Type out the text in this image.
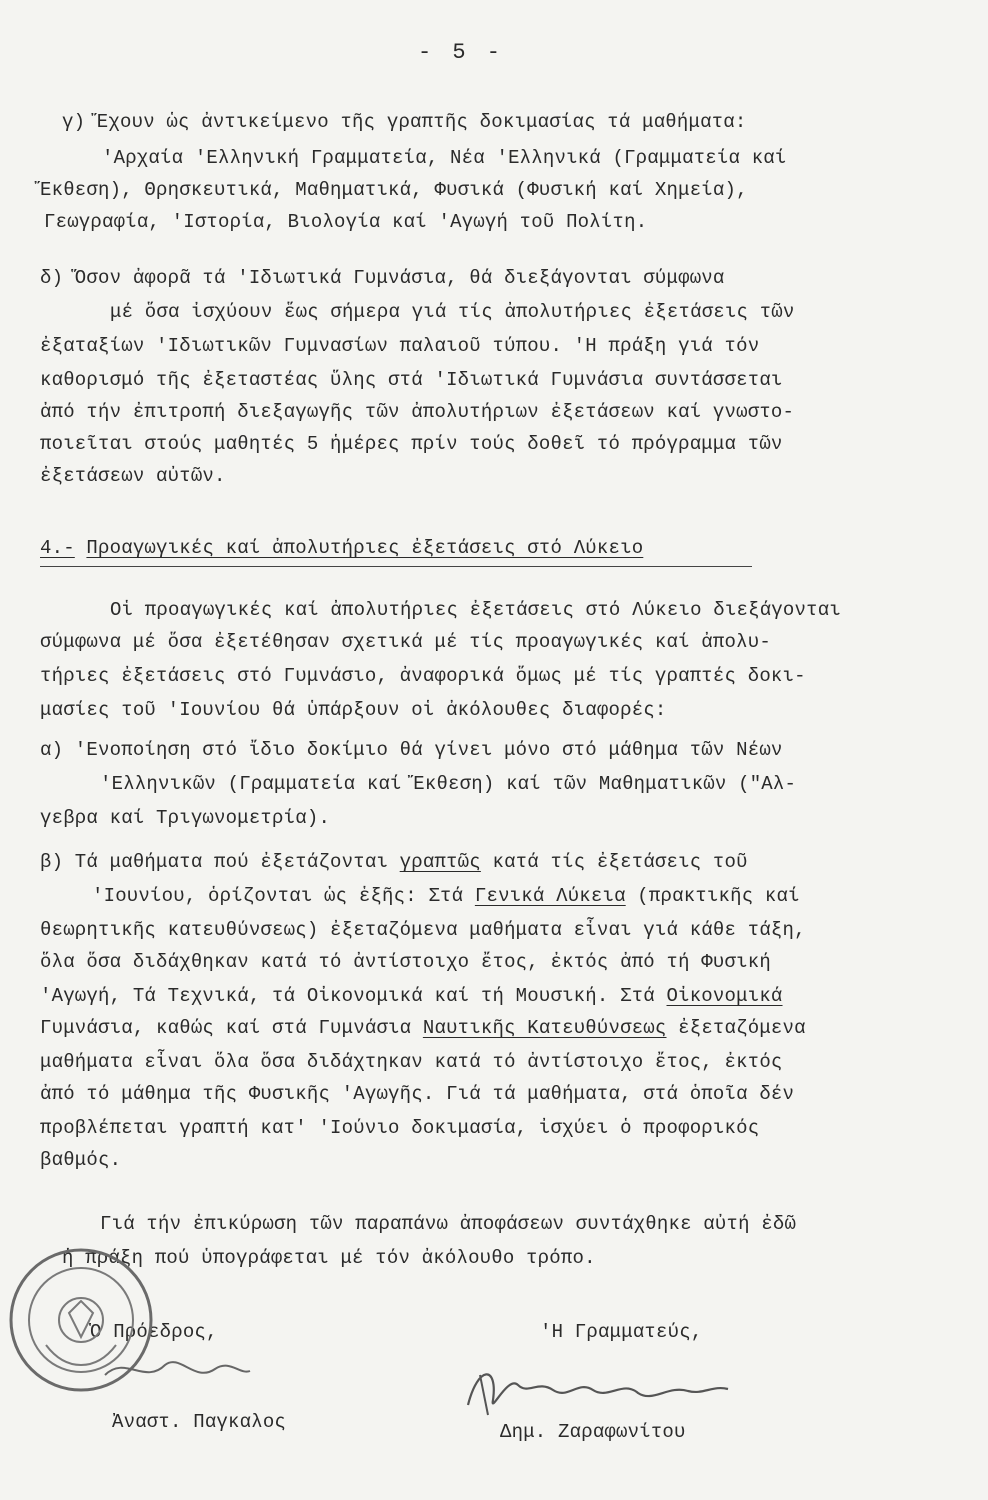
- 5 -
γ) Ἔχουν ὡς ἀντικείμενο τῆς γραπτῆς δοκιμασίας τά μαθήματα:
'Αρχαία 'Ελληνική Γραμματεία, Νέα 'Ελληνικά (Γραμματεία καί
Ἔκθεση), Θρησκευτικά, Μαθηματικά, Φυσικά (Φυσική καί Χημεία),
Γεωγραφία, 'Ιστορία, Βιολογία καί 'Αγωγή τοῦ Πολίτη.
δ) Ὅσον ἀφορᾶ τά 'Ιδιωτικά Γυμνάσια, θά διεξάγονται σύμφωνα
μέ ὅσα ἰσχύουν ἕως σήμερα γιά τίς ἀπολυτήριες ἐξετάσεις τῶν
ἐξαταξίων 'Ιδιωτικῶν Γυμνασίων παλαιοῦ τύπου. 'Η πράξη γιά τόν
καθορισμό τῆς ἐξεταστέας ὕλης στά 'Ιδιωτικά Γυμνάσια συντάσσεται
ἀπό τήν ἐπιτροπή διεξαγωγῆς τῶν ἀπολυτήριων ἐξετάσεων καί γνωστο-
ποιεῖται στούς μαθητές 5 ἡμέρες πρίν τούς δοθεῖ τό πρόγραμμα τῶν
ἐξετάσεων αὐτῶν.
4.- Προαγωγικές καί ἀπολυτήριες ἐξετάσεις στό Λύκειο
Οἱ προαγωγικές καί ἀπολυτήριες ἐξετάσεις στό Λύκειο διεξάγονται
σύμφωνα μέ ὅσα ἐξετέθησαν σχετικά μέ τίς προαγωγικές καί ἀπολυ-
τήριες ἐξετάσεις στό Γυμνάσιο, ἀναφορικά ὅμως μέ τίς γραπτές δοκι-
μασίες τοῦ 'Ιουνίου θά ὑπάρξουν οἱ ἀκόλουθες διαφορές:
α) 'Ενοποίηση στό ἴδιο δοκίμιο θά γίνει μόνο στό μάθημα τῶν Νέων
'Ελληνικῶν (Γραμματεία καί Ἔκθεση) καί τῶν Μαθηματικῶν ("Αλ-
γεβρα καί Τριγωνομετρία).
β) Τά μαθήματα πού ἐξετάζονται γραπτῶς κατά τίς ἐξετάσεις τοῦ
'Ιουνίου, ὁρίζονται ὡς ἑξῆς: Στά Γενικά Λύκεια (πρακτικῆς καί
θεωρητικῆς κατευθύνσεως) ἐξεταζόμενα μαθήματα εἶναι γιά κάθε τάξη,
ὅλα ὅσα διδάχθηκαν κατά τό ἀντίστοιχο ἔτος, ἐκτός ἀπό τή Φυσική
'Αγωγή, Τά Τεχνικά, τά Οἰκονομικά καί τή Μουσική. Στά Οἰκονομικά
Γυμνάσια, καθώς καί στά Γυμνάσια Ναυτικῆς Κατευθύνσεως ἐξεταζόμενα
μαθήματα εἶναι ὅλα ὅσα διδάχτηκαν κατά τό ἀντίστοιχο ἔτος, ἐκτός
ἀπό τό μάθημα τῆς Φυσικῆς 'Αγωγῆς. Γιά τά μαθήματα, στά ὁποῖα δέν
προβλέπεται γραπτή κατ' 'Ιούνιο δοκιμασία, ἰσχύει ὁ προφορικός
βαθμός.
Γιά τήν ἐπικύρωση τῶν παραπάνω ἀποφάσεων συντάχθηκε αὐτή ἐδῶ
ἡ πράξη πού ὑπογράφεται μέ τόν ἀκόλουθο τρόπο.
Ὁ Πρόεδρος,	'Η Γραμματεύς,
Ἀναστ. Παγκαλος	Δημ. Ζαραφωνίτου
